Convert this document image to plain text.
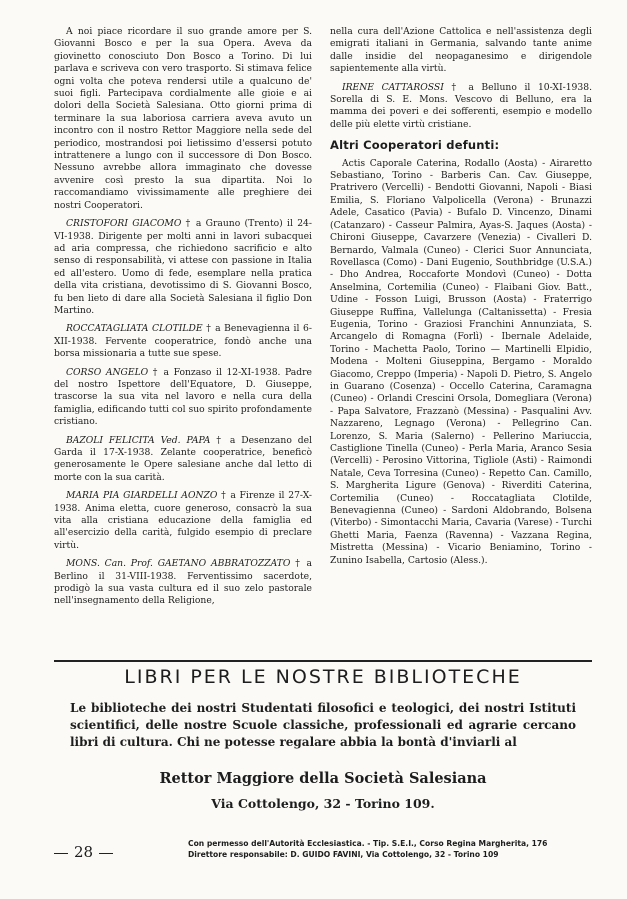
A noi piace ricordare il suo grande amore per S. Giovanni Bosco e per la sua Opera. Aveva da giovinetto conosciuto Don Bosco a Torino. Di lui parlava e scriveva con vero trasporto. Si stimava felice ogni volta che poteva rendersi utile a qualcuno de' suoi figli. Partecipava cordialmente alle gioie e ai dolori della Società Salesiana. Otto giorni prima di terminare la sua laboriosa carriera aveva avuto un incontro con il nostro Rettor Maggiore nella sede del periodico, mostrandosi poi lietissimo d'essersi potuto intrattenere a lungo con il successore di Don Bosco. Nessuno avrebbe allora immaginato che dovesse avvenire così presto la sua dipartita. Noi lo raccomandiamo vivissimamente alle preghiere dei nostri Cooperatori.

CRISTOFORI GIACOMO † a Grauno (Trento) il 24-VI-1938. Dirigente per molti anni in lavori subacquei ad aria compressa, che richiedono sacrificio e alto senso di responsabilità, vi attese con passione in Italia ed all'estero. Uomo di fede, esemplare nella pratica della vita cristiana, devotissimo di S. Giovanni Bosco, fu ben lieto di dare alla Società Salesiana il figlio Don Martino.

ROCCATAGLIATA CLOTILDE † a Benevagienna il 6-XII-1938. Fervente cooperatrice, fondò anche una borsa missionaria a tutte sue spese.

CORSO ANGELO † a Fonzaso il 12-XI-1938. Padre del nostro Ispettore dell'Equatore, D. Giuseppe, trascorse la sua vita nel lavoro e nella cura della famiglia, edificando tutti col suo spirito profondamente cristiano.

BAZOLI FELICITA Ved. PAPA † a Desenzano del Garda il 17-X-1938. Zelante cooperatrice, beneficò generosamente le Opere salesiane anche dal letto di morte con la sua carità.

MARIA PIA GIARDELLI AONZO † a Firenze il 27-X-1938. Anima eletta, cuore generoso, consacrò la sua vita alla cristiana educazione della famiglia ed all'esercizio della carità, fulgido esempio di preclare virtù.

MONS. Can. Prof. GAETANO ABBRATOZZATO † a Berlino il 31-VIII-1938. Ferventissimo sacerdote, prodigò la sua vasta cultura ed il suo zelo pastorale nell'insegnamento della Religione,

nella cura dell'Azione Cattolica e nell'assistenza degli emigrati italiani in Germania, salvando tante anime dalle insidie del neopaganesimo e dirigendole sapientemente alla virtù.

IRENE CATTAROSSI † a Belluno il 10-XI-1938. Sorella di S. E. Mons. Vescovo di Belluno, era la mamma dei poveri e dei sofferenti, esempio e modello delle più elette virtù cristiane.

Altri Cooperatori defunti:

Actis Caporale Caterina, Rodallo (Aosta) - Airaretto Sebastiano, Torino - Barberis Can. Cav. Giuseppe, Pratrivero (Vercelli) - Bendotti Giovanni, Napoli - Biasi Emilia, S. Floriano Valpolicella (Verona) - Brunazzi Adele, Casatico (Pavia) - Bufalo D. Vincenzo, Dinami (Catanzaro) - Casseur Palmira, Ayas-S. Jaques (Aosta) - Chironi Giuseppe, Cavarzere (Venezia) - Civalleri D. Bernardo, Valmala (Cuneo) - Clerici Suor Annunciata, Rovellasca (Como) - Dani Eugenio, Southbridge (U.S.A.) - Dho Andrea, Roccaforte Mondovì (Cuneo) - Dotta Anselmina, Cortemilia (Cuneo) - Flaibani Giov. Batt., Udine - Fosson Luigi, Brusson (Aosta) - Fraterrigo Giuseppe Ruffina, Vallelunga (Caltanissetta) - Fresia Eugenia, Torino - Graziosi Franchini Annunziata, S. Arcangelo di Romagna (Forlì) - Ibernale Adelaide, Torino - Machetta Paolo, Torino — Martinelli Elpidio, Modena - Molteni Giuseppina, Bergamo - Moraldo Giacomo, Creppo (Imperia) - Napoli D. Pietro, S. Angelo in Guarano (Cosenza) - Occello Caterina, Caramagna (Cuneo) - Orlandi Crescini Orsola, Domegliara (Verona) - Papa Salvatore, Frazzanò (Messina) - Pasqualini Avv. Nazzareno, Legnago (Verona) - Pellegrino Can. Lorenzo, S. Maria (Salerno) - Pellerino Mariuccia, Castiglione Tinella (Cuneo) - Perla Maria, Aranco Sesia (Vercelli) - Perosino Vittorina, Tigliole (Asti) - Raimondi Natale, Ceva Torresina (Cuneo) - Repetto Can. Camillo, S. Margherita Ligure (Genova) - Riverditi Caterina, Cortemilia (Cuneo) - Roccatagliata Clotilde, Benevagienna (Cuneo) - Sardoni Aldobrando, Bolsena (Viterbo) - Simontacchi Maria, Cavaria (Varese) - Turchi Ghetti Maria, Faenza (Ravenna) - Vazzana Regina, Mistretta (Messina) - Vicario Beniamino, Torino - Zunino Isabella, Cartosio (Aless.).

LIBRI PER LE NOSTRE BIBLIOTECHE
Le biblioteche dei nostri Studentati filosofici e teologici, dei nostri Istituti scientifici, delle nostre Scuole classiche, professionali ed agrarie cercano libri di cultura. Chi ne potesse regalare abbia la bontà d'inviarli al
Rettor Maggiore della Società Salesiana
Via Cottolengo, 32 - Torino 109.
28	Con permesso dell'Autorità Ecclesiastica. - Tip. S.E.I., Corso Regina Margherita, 176
Direttore responsabile: D. GUIDO FAVINI, Via Cottolengo, 32 - Torino 109
